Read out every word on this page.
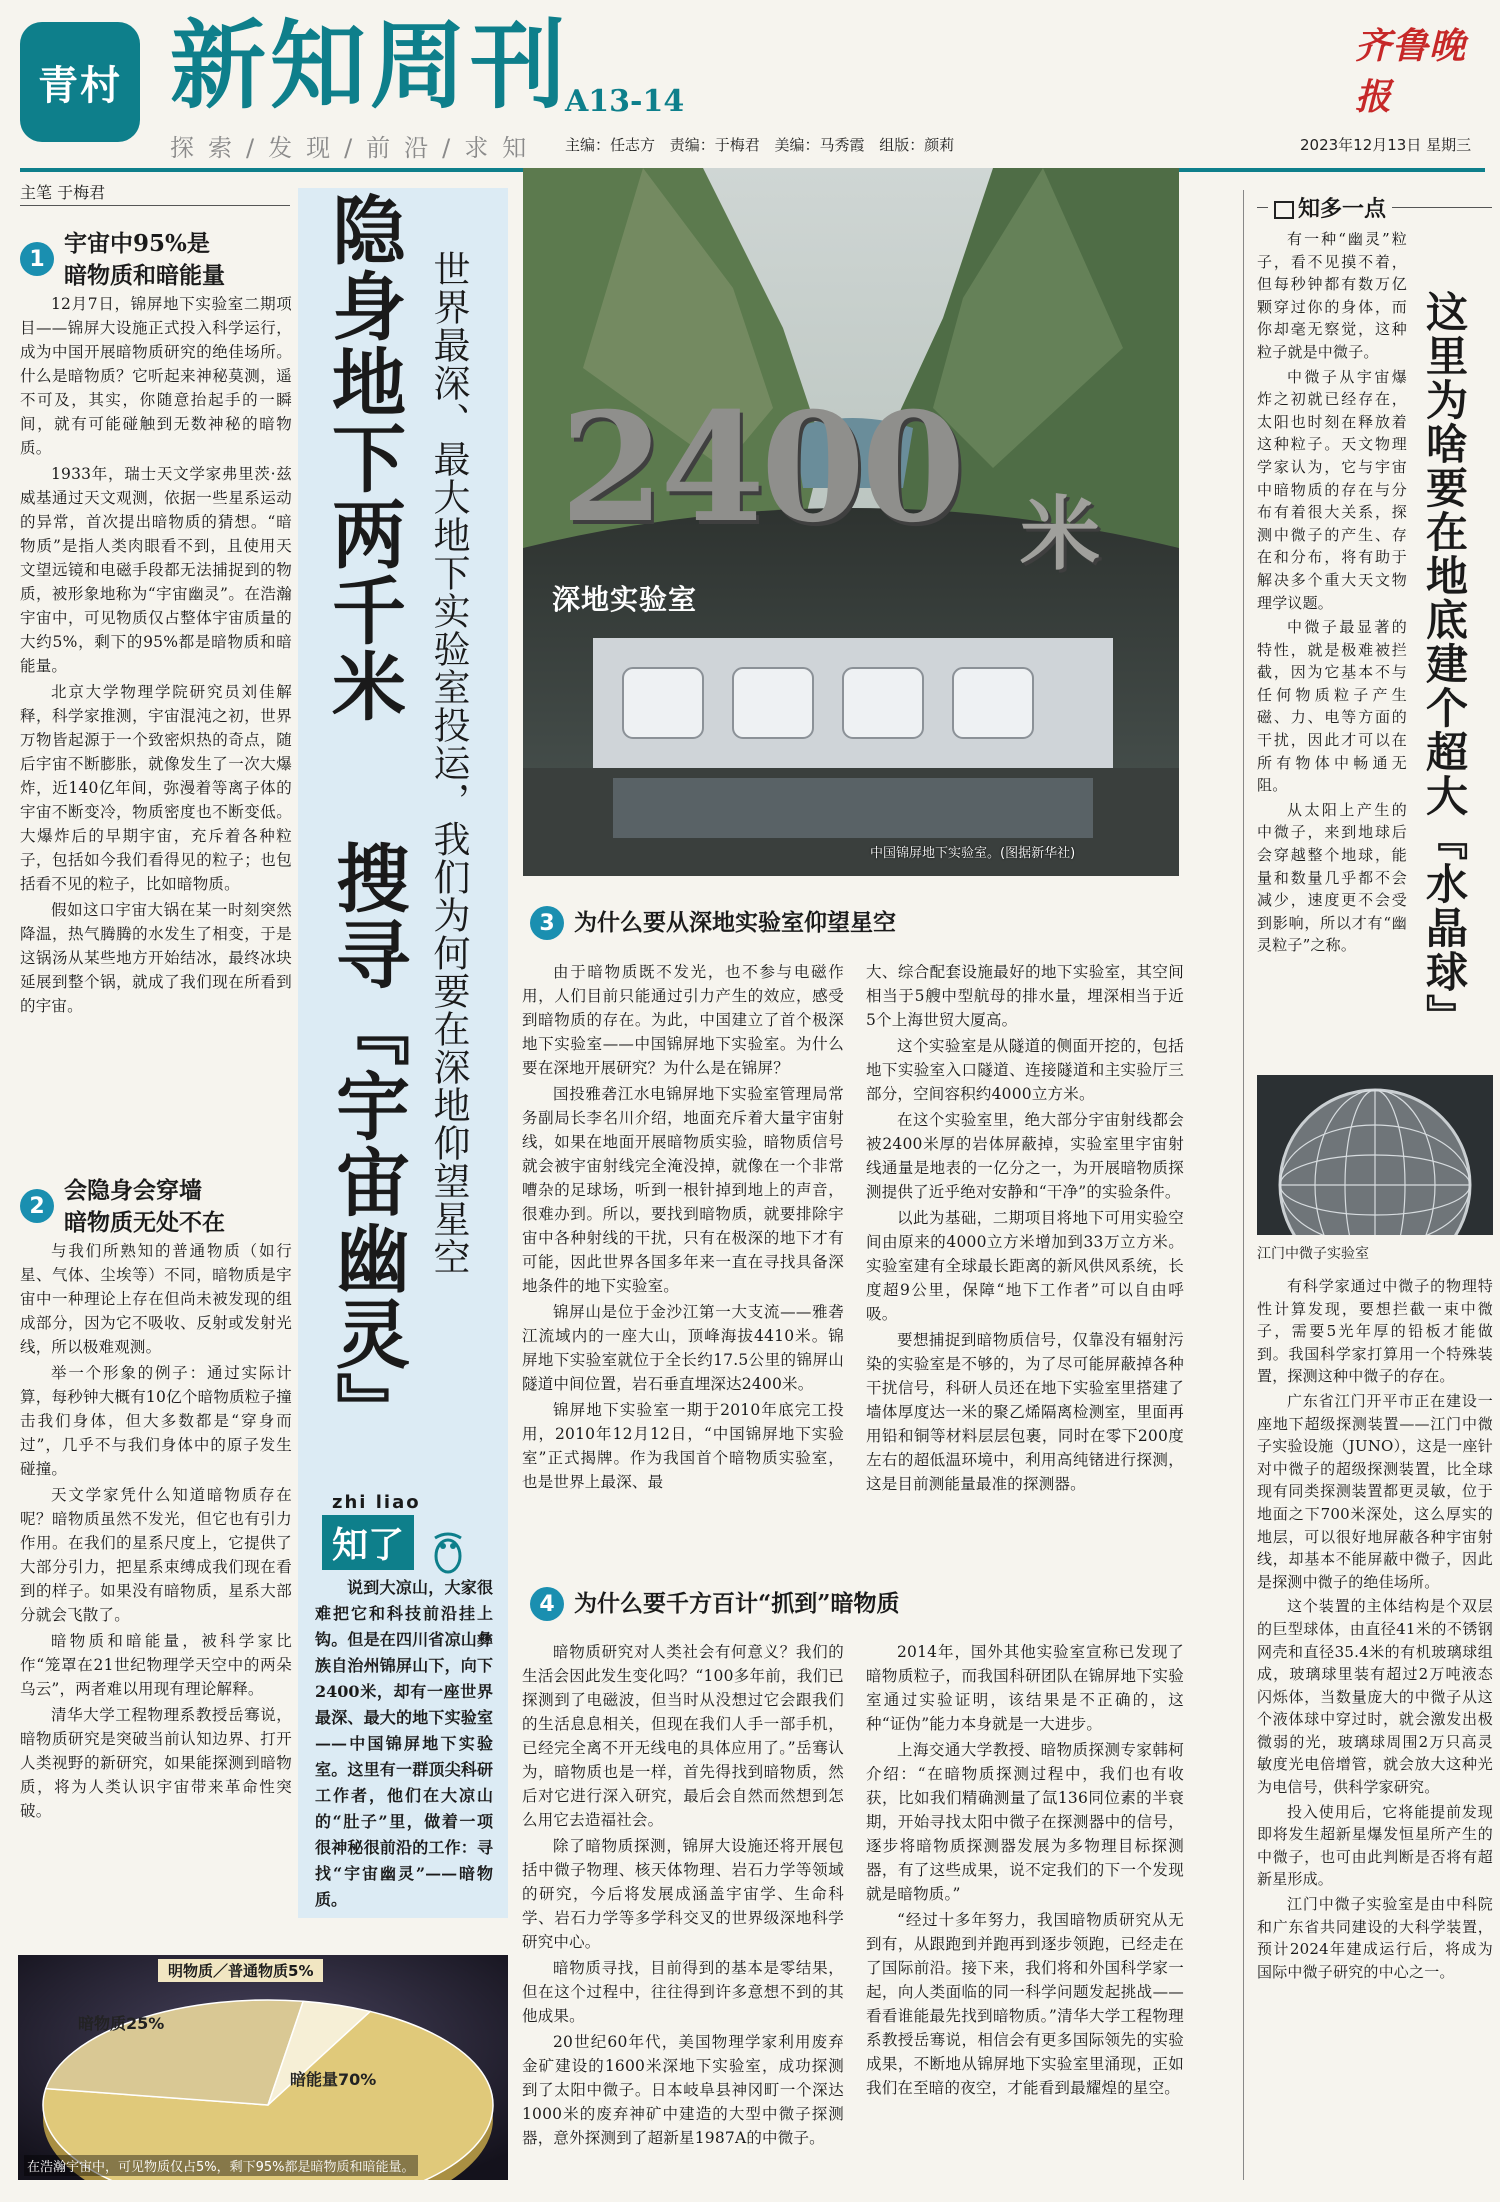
青村 新知周刊
探索/发现/前沿/求知
A13-14
主编：任志方 责编：于梅君 美编：马秀霞 组版：颜莉
齐鲁晚报
2023年12月13日 星期三
主笔 于梅君
1
宇宙中95%是
暗物质和暗能量

12月7日，锦屏地下实验室二期项目——锦屏大设施正式投入科学运行，成为中国开展暗物质研究的绝佳场所。什么是暗物质？它听起来神秘莫测，遥不可及，其实，你随意抬起手的一瞬间，就有可能碰触到无数神秘的暗物质。

1933年，瑞士天文学家弗里茨·兹威基通过天文观测，依据一些星系运动的异常，首次提出暗物质的猜想。“暗物质”是指人类肉眼看不到，且使用天文望远镜和电磁手段都无法捕捉到的物质，被形象地称为“宇宙幽灵”。在浩瀚宇宙中，可见物质仅占整体宇宙质量的大约5%，剩下的95%都是暗物质和暗能量。

北京大学物理学院研究员刘佳解释，科学家推测，宇宙混沌之初，世界万物皆起源于一个致密炽热的奇点，随后宇宙不断膨胀，就像发生了一次大爆炸，近140亿年间，弥漫着等离子体的宇宙不断变冷，物质密度也不断变低。大爆炸后的早期宇宙，充斥着各种粒子，包括如今我们看得见的粒子；也包括看不见的粒子，比如暗物质。

假如这口宇宙大锅在某一时刻突然降温，热气腾腾的水发生了相变，于是这锅汤从某些地方开始结冰，最终冰块延展到整个锅，就成了我们现在所看到的宇宙。

2
会隐身会穿墙
暗物质无处不在

与我们所熟知的普通物质（如行星、气体、尘埃等）不同，暗物质是宇宙中一种理论上存在但尚未被发现的组成部分，因为它不吸收、反射或发射光线，所以极难观测。

举一个形象的例子：通过实际计算，每秒钟大概有10亿个暗物质粒子撞击我们身体，但大多数都是“穿身而过”，几乎不与我们身体中的原子发生碰撞。

天文学家凭什么知道暗物质存在呢？暗物质虽然不发光，但它也有引力作用。在我们的星系尺度上，它提供了大部分引力，把星系束缚成我们现在看到的样子。如果没有暗物质，星系大部分就会飞散了。

暗物质和暗能量，被科学家比作“笼罩在21世纪物理学天空中的两朵乌云”，两者难以用现有理论解释。

清华大学工程物理系教授岳骞说，暗物质研究是突破当前认知边界、打开人类视野的新研究，如果能探测到暗物质，将为人类认识宇宙带来革命性突破。

明物质／普通物质5%
暗物质25%
暗能量70%
在浩瀚宇宙中，可见物质仅占5%，剩下95%都是暗物质和暗能量。
隐身地下两千米
搜寻『宇宙幽灵』 世界最深、最大地下实验室投运，我们为何要在深地仰望星空
zhi liao
知了

说到大凉山，大家很难把它和科技前沿挂上钩。但是在四川省凉山彝族自治州锦屏山下，向下2400米，却有一座世界最深、最大的地下实验室——中国锦屏地下实验室。这里有一群顶尖科研工作者，他们在大凉山的“肚子”里，做着一项很神秘很前沿的工作：寻找“宇宙幽灵”——暗物质。

2400 米
深地实验室
中国锦屏地下实验室。(图据新华社)
3 为什么要从深地实验室仰望星空

由于暗物质既不发光，也不参与电磁作用，人们目前只能通过引力产生的效应，感受到暗物质的存在。为此，中国建立了首个极深地下实验室——中国锦屏地下实验室。为什么要在深地开展研究？为什么是在锦屏？

国投雅砻江水电锦屏地下实验室管理局常务副局长李名川介绍，地面充斥着大量宇宙射线，如果在地面开展暗物质实验，暗物质信号就会被宇宙射线完全淹没掉，就像在一个非常嘈杂的足球场，听到一根针掉到地上的声音，很难办到。所以，要找到暗物质，就要排除宇宙中各种射线的干扰，只有在极深的地下才有可能，因此世界各国多年来一直在寻找具备深地条件的地下实验室。

锦屏山是位于金沙江第一大支流——雅砻江流域内的一座大山，顶峰海拔4410米。锦屏地下实验室就位于全长约17.5公里的锦屏山隧道中间位置，岩石垂直埋深达2400米。

锦屏地下实验室一期于2010年底完工投用，2010年12月12日，“中国锦屏地下实验室”正式揭牌。作为我国首个暗物质实验室，也是世界上最深、最

大、综合配套设施最好的地下实验室，其空间相当于5艘中型航母的排水量，埋深相当于近5个上海世贸大厦高。

这个实验室是从隧道的侧面开挖的，包括地下实验室入口隧道、连接隧道和主实验厅三部分，空间容积约4000立方米。

在这个实验室里，绝大部分宇宙射线都会被2400米厚的岩体屏蔽掉，实验室里宇宙射线通量是地表的一亿分之一，为开展暗物质探测提供了近乎绝对安静和“干净”的实验条件。

以此为基础，二期项目将地下可用实验空间由原来的4000立方米增加到33万立方米。实验室建有全球最长距离的新风供风系统，长度超9公里，保障“地下工作者”可以自由呼吸。

要想捕捉到暗物质信号，仅靠没有辐射污染的实验室是不够的，为了尽可能屏蔽掉各种干扰信号，科研人员还在地下实验室里搭建了墙体厚度达一米的聚乙烯隔离检测室，里面再用铅和铜等材料层层包裹，同时在零下200度左右的超低温环境中，利用高纯锗进行探测，这是目前测能量最准的探测器。

4 为什么要千方百计“抓到”暗物质

暗物质研究对人类社会有何意义？我们的生活会因此发生变化吗？“100多年前，我们已探测到了电磁波，但当时从没想过它会跟我们的生活息息相关，但现在我们人手一部手机，已经完全离不开无线电的具体应用了。”岳骞认为，暗物质也是一样，首先得找到暗物质，然后对它进行深入研究，最后会自然而然想到怎么用它去造福社会。

除了暗物质探测，锦屏大设施还将开展包括中微子物理、核天体物理、岩石力学等领域的研究，今后将发展成涵盖宇宙学、生命科学、岩石力学等多学科交叉的世界级深地科学研究中心。

暗物质寻找，目前得到的基本是零结果，但在这个过程中，往往得到许多意想不到的其他成果。

20世纪60年代，美国物理学家利用废弃金矿建设的1600米深地下实验室，成功探测到了太阳中微子。日本岐阜县神冈町一个深达1000米的废弃神矿中建造的大型中微子探测器，意外探测到了超新星1987A的中微子。

2014年，国外其他实验室宣称已发现了暗物质粒子，而我国科研团队在锦屏地下实验室通过实验证明，该结果是不正确的，这种“证伪”能力本身就是一大进步。

上海交通大学教授、暗物质探测专家韩柯介绍：“在暗物质探测过程中，我们也有收获，比如我们精确测量了氙136同位素的半衰期，开始寻找太阳中微子在探测器中的信号，逐步将暗物质探测器发展为多物理目标探测器，有了这些成果，说不定我们的下一个发现就是暗物质。”

“经过十多年努力，我国暗物质研究从无到有，从跟跑到并跑再到逐步领跑，已经走在了国际前沿。接下来，我们将和外国科学家一起，向人类面临的同一科学问题发起挑战——看看谁能最先找到暗物质。”清华大学工程物理系教授岳骞说，相信会有更多国际领先的实验成果，不断地从锦屏地下实验室里涌现，正如我们在至暗的夜空，才能看到最耀煌的星空。

知多一点
这里为啥要在地底建个超大『水晶球』

有一种“幽灵”粒子，看不见摸不着，但每秒钟都有数万亿颗穿过你的身体，而你却毫无察觉，这种粒子就是中微子。

中微子从宇宙爆炸之初就已经存在，太阳也时刻在释放着这种粒子。天文物理学家认为，它与宇宙中暗物质的存在与分布有着很大关系，探测中微子的产生、存在和分布，将有助于解决多个重大天文物理学议题。

中微子最显著的特性，就是极难被拦截，因为它基本不与任何物质粒子产生磁、力、电等方面的干扰，因此才可以在所有物体中畅通无阻。

从太阳上产生的中微子，来到地球后会穿越整个地球，能量和数量几乎都不会减少，速度更不会受到影响，所以才有“幽灵粒子”之称。

江门中微子实验室

有科学家通过中微子的物理特性计算发现，要想拦截一束中微子，需要5光年厚的铅板才能做到。我国科学家打算用一个特殊装置，探测这种中微子的存在。

广东省江门开平市正在建设一座地下超级探测装置——江门中微子实验设施（JUNO），这是一座针对中微子的超级探测装置，比全球现有同类探测装置都更灵敏，位于地面之下700米深处，这么厚实的地层，可以很好地屏蔽各种宇宙射线，却基本不能屏蔽中微子，因此是探测中微子的绝佳场所。

这个装置的主体结构是个双层的巨型球体，由直径41米的不锈钢网壳和直径35.4米的有机玻璃球组成，玻璃球里装有超过2万吨液态闪烁体，当数量庞大的中微子从这个液体球中穿过时，就会激发出极微弱的光，玻璃球周围2万只高灵敏度光电倍增管，就会放大这种光为电信号，供科学家研究。

投入使用后，它将能提前发现即将发生超新星爆发恒星所产生的中微子，也可由此判断是否将有超新星形成。

江门中微子实验室是由中科院和广东省共同建设的大科学装置，预计2024年建成运行后，将成为国际中微子研究的中心之一。
